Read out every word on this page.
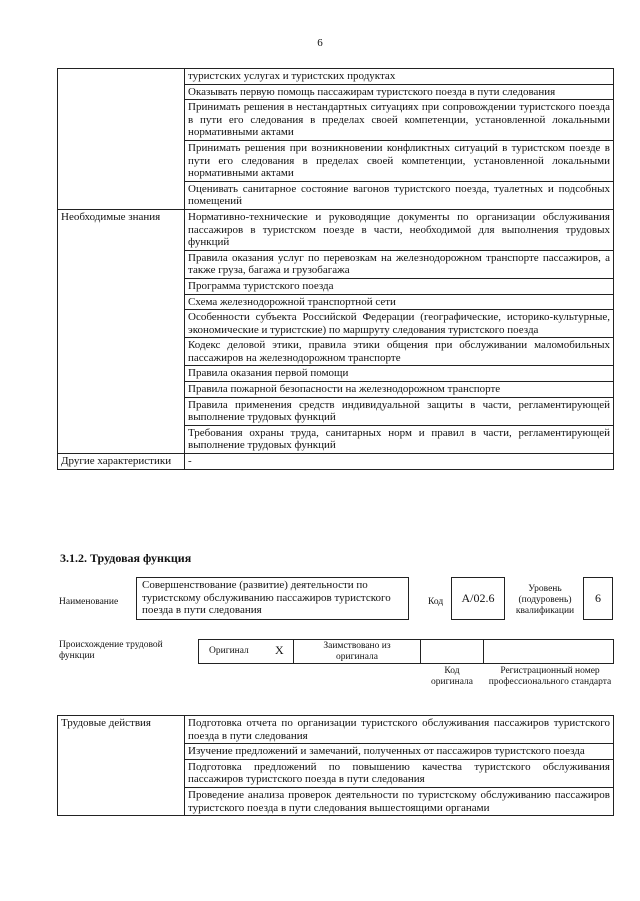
6
	туристских услугах и туристских продуктах
	Оказывать первую помощь пассажирам туристского поезда в пути следования
	Принимать решения в нестандартных ситуациях при сопровождении туристского поезда в пути его следования в пределах своей компетенции, установленной локальными нормативными актами
	Принимать решения при возникновении конфликтных ситуаций в туристском поезде в пути его следования в пределах своей компетенции, установленной локальными нормативными актами
	Оценивать санитарное состояние вагонов туристского поезда, туалетных и подсобных помещений
Необходимые знания	Нормативно-технические и руководящие документы по организации обслуживания пассажиров в туристском поезде в части, необходимой для выполнения трудовых функций
	Правила оказания услуг по перевозкам на железнодорожном транспорте пассажиров, а также груза, багажа и грузобагажа
	Программа туристского поезда
	Схема железнодорожной транспортной сети
	Особенности субъекта Российской Федерации (географические, историко-культурные, экономические и туристские) по маршруту следования туристского поезда
	Кодекс деловой этики, правила этики общения при обслуживании маломобильных пассажиров на железнодорожном транспорте
	Правила оказания первой помощи
	Правила пожарной безопасности на железнодорожном транспорте
	Правила применения средств индивидуальной защиты в части, регламентирующей выполнение трудовых функций
	Требования охраны труда, санитарных норм и правил в части, регламентирующей выполнение трудовых функций
Другие характеристики	-
3.1.2. Трудовая функция
Наименование
Совершенствование (развитие) деятельности по туристскому обслуживанию пассажиров туристского поезда в пути следования
Код	А/02.6
Уровень (подуровень) квалификации
6
Происхождение трудовой функции	Оригинал X	Заимствовано из оригинала
Код оригинала
Регистрационный номер профессионального стандарта
Трудовые действия	Подготовка отчета по организации туристского обслуживания пассажиров туристского поезда в пути следования
Изучение предложений и замечаний, полученных от пассажиров туристского поезда
Подготовка предложений по повышению качества туристского обслуживания пассажиров туристского поезда в пути следования
Проведение анализа проверок деятельности по туристскому обслуживанию пассажиров туристского поезда в пути следования вышестоящими органами
